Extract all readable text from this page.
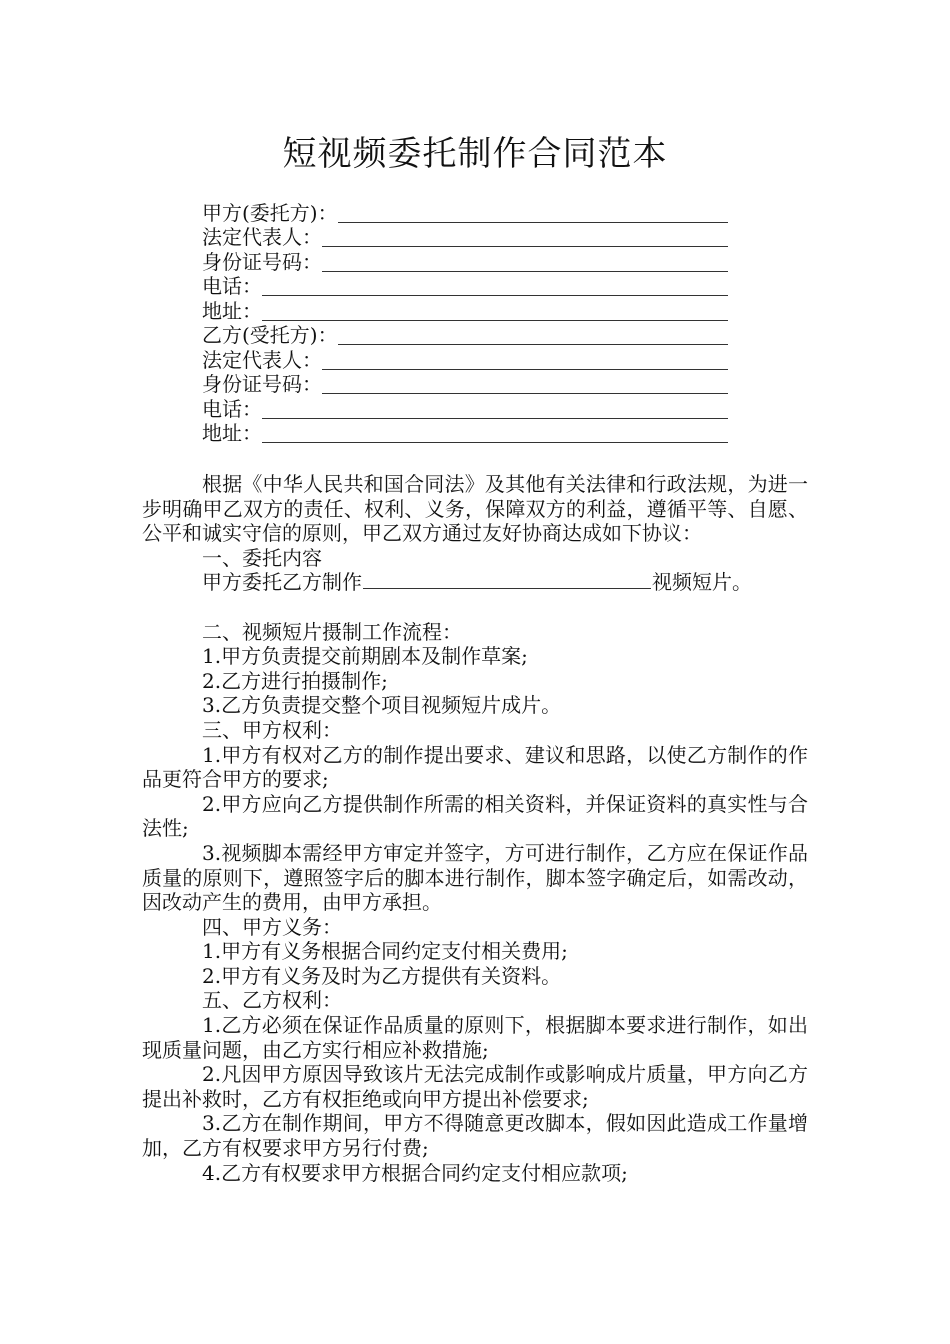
短视频委托制作合同范本
甲方(委托方)：
法定代表人：
身份证号码：
电话：
地址：
乙方(受托方)：
法定代表人：
身份证号码：
电话：
地址：

根据《中华人民共和国合同法》及其他有关法律和行政法规，为进一步明确甲乙双方的责任、权利、义务，保障双方的利益，遵循平等、自愿、公平和诚实守信的原则，甲乙双方通过友好协商达成如下协议：

一、委托内容

甲方委托乙方制作	视频短片。

二、视频短片摄制工作流程：

1.甲方负责提交前期剧本及制作草案;

2.乙方进行拍摄制作;

3.乙方负责提交整个项目视频短片成片。

三、甲方权利：

1.甲方有权对乙方的制作提出要求、建议和思路，以使乙方制作的作品更符合甲方的要求;

2.甲方应向乙方提供制作所需的相关资料，并保证资料的真实性与合法性;

3.视频脚本需经甲方审定并签字，方可进行制作，乙方应在保证作品质量的原则下，遵照签字后的脚本进行制作，脚本签字确定后，如需改动，因改动产生的费用，由甲方承担。

四、甲方义务：

1.甲方有义务根据合同约定支付相关费用;

2.甲方有义务及时为乙方提供有关资料。

五、乙方权利：

1.乙方必须在保证作品质量的原则下，根据脚本要求进行制作，如出现质量问题，由乙方实行相应补救措施;

2.凡因甲方原因导致该片无法完成制作或影响成片质量，甲方向乙方提出补救时，乙方有权拒绝或向甲方提出补偿要求;

3.乙方在制作期间，甲方不得随意更改脚本，假如因此造成工作量增加，乙方有权要求甲方另行付费;

4.乙方有权要求甲方根据合同约定支付相应款项;
